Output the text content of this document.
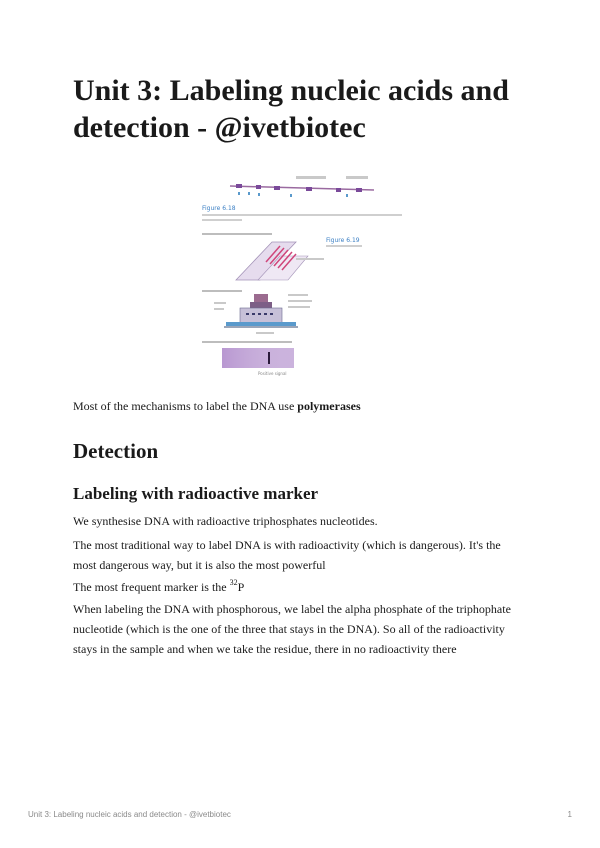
Unit 3: Labeling nucleic acids and detection - @ivetbiotec
Figure 6.18
Figure 6.19
Positive signal

Most of the mechanisms to label the DNA use polymerases

Detection
Labeling with radioactive marker

We synthesise DNA with radioactive triphosphates nucleotides.

The most traditional way to label DNA is with radioactivity (which is dangerous). It's the most dangerous way, but it is also the most powerful

The most frequent marker is the $^{32}$P

When labeling the DNA with phosphorous, we label the alpha phosphate of the triphophate nucleotide (which is the one of the three that stays in the DNA). So all of the radioactivity stays in the sample and when we take the residue, there in no radioactivity there

Unit 3: Labeling nucleic acids and detection - @ivetbiotec	1
